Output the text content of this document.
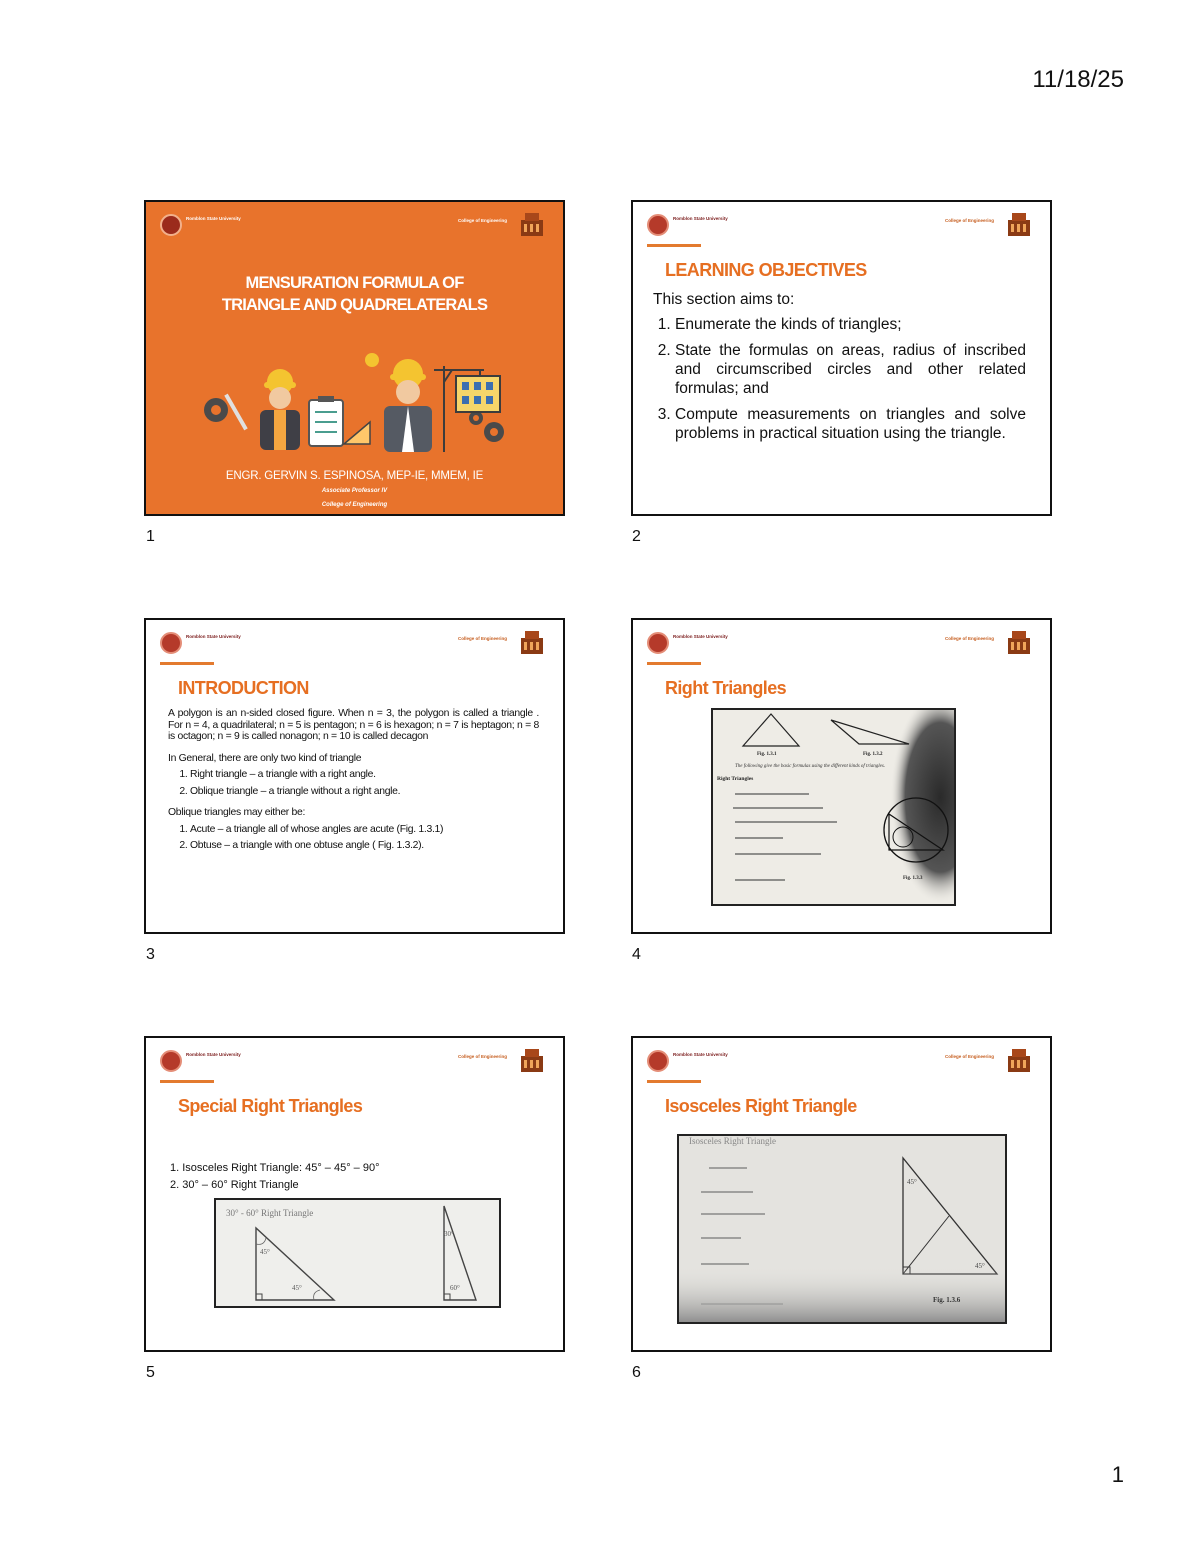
11/18/25
Romblon State University	College of Engineering
MENSURATION FORMULA OF
TRIANGLE AND QUADRELATERALS
ENGR. GERVIN S. ESPINOSA, MEP-IE, MMEM, IE
Associate Professor IV
College of Engineering
1
Romblon State University	College of Engineering
LEARNING OBJECTIVES
This section aims to:
1. Enumerate the kinds of triangles;
2. State the formulas on areas, radius of inscribed and circumscribed circles and other related formulas; and
3. Compute measurements on triangles and solve problems in practical situation using the triangle.
2
Romblon State University	College of Engineering
INTRODUCTION

A polygon is an n-sided closed figure. When n = 3, the polygon is called a triangle . For n = 4, a quadrilateral; n = 5 is pentagon; n = 6 is hexagon; n = 7 is heptagon; n = 8 is octagon; n = 9 is called nonagon; n = 10 is called decagon

In General, there are only two kind of triangle
1. Right triangle – a triangle with a right angle.
2. Oblique triangle – a triangle without a right angle.
Oblique triangles may either be:
1. Acute – a triangle all of whose angles are acute (Fig. 1.3.1)
2. Obtuse – a triangle with one obtuse angle ( Fig. 1.3.2).
3
Romblon State University	College of Engineering
Right Triangles
Fig. 1.3.1	Fig. 1.3.2
The following give the basic formulas using the different kinds of triangles.
Right Triangles
Fig. 1.3.3
4
Romblon State University	College of Engineering
Special Right Triangles
1. Isosceles Right Triangle: 45° – 45° – 90°
2. 30° – 60° Right Triangle
30° - 60° Right Triangle
45°
45°
30°
60°
5
Romblon State University	College of Engineering
Isosceles Right Triangle
Isosceles Right Triangle
45°
45°
Fig. 1.3.6
6
1
